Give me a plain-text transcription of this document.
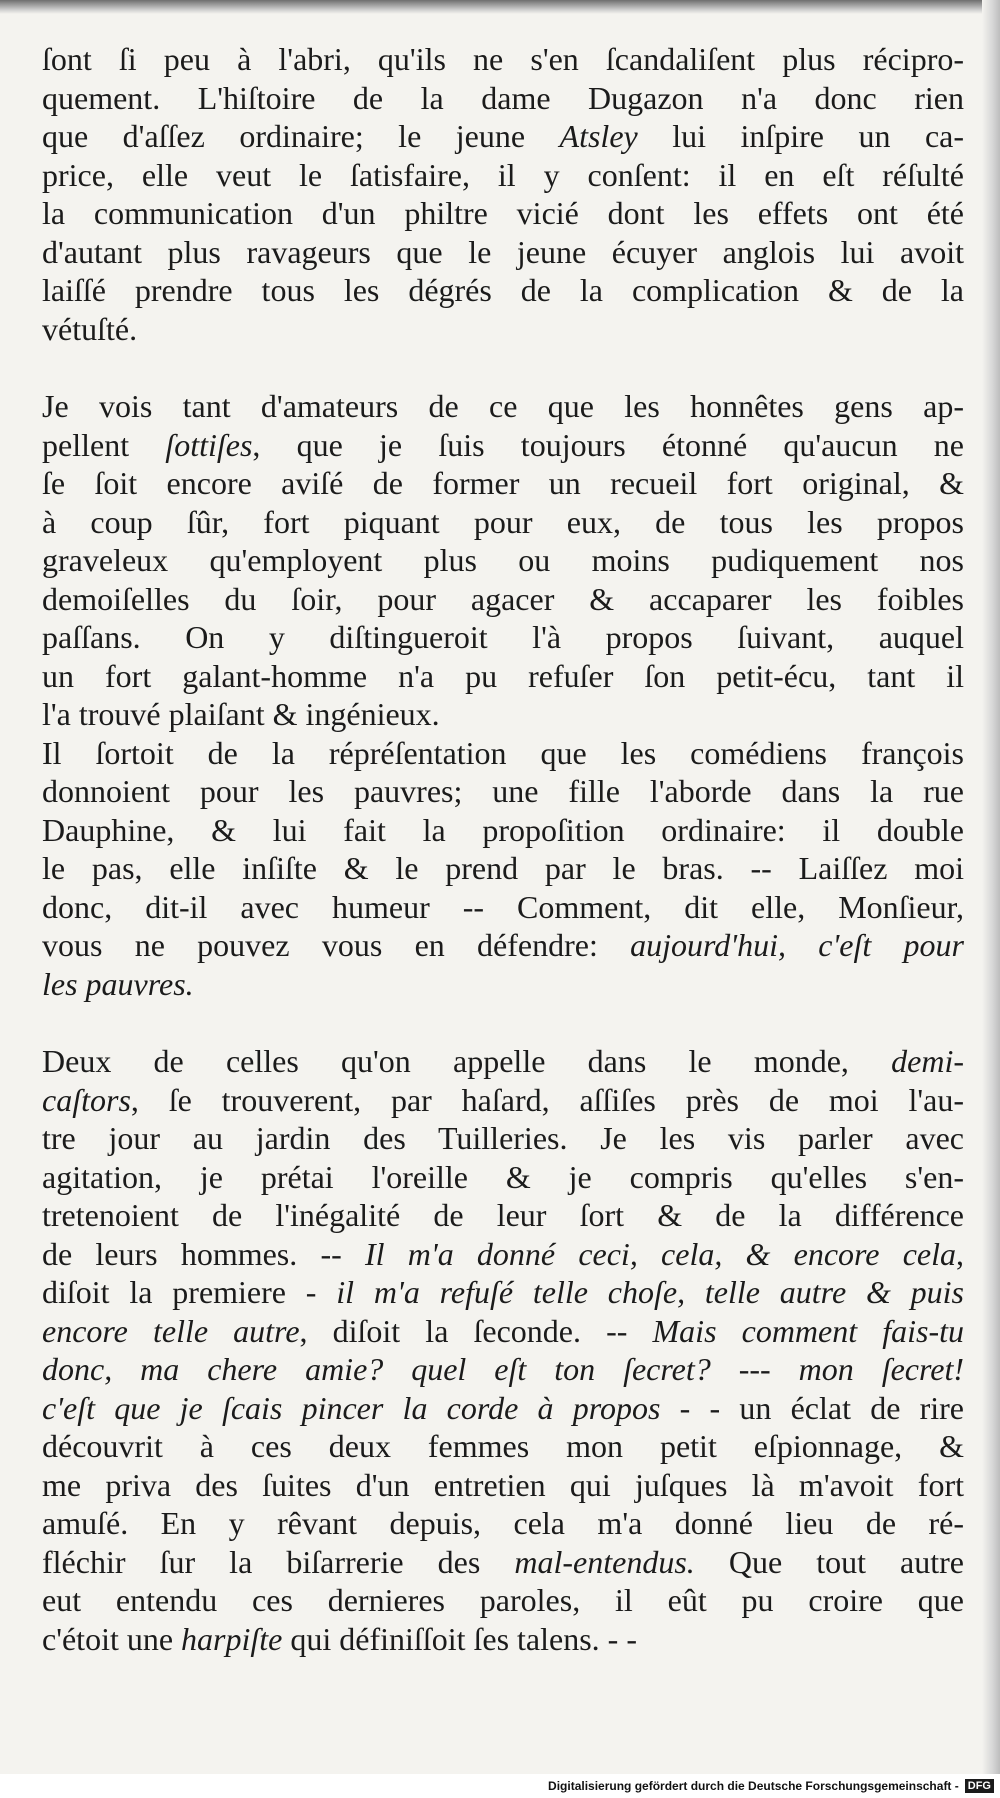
ſont ſi peu à l'abri, qu'ils ne s'en ſcandaliſent plus récipro-
quement. L'hiſtoire de la dame Dugazon n'a donc rien
que d'aſſez ordinaire; le jeune Atsley lui inſpire un ca-
price, elle veut le ſatisfaire, il y conſent: il en eſt réſulté
la communication d'un philtre vicié dont les effets ont été
d'autant plus ravageurs que le jeune écuyer anglois lui avoit
laiſſé prendre tous les dégrés de la complication & de la
vétuſté.

Je vois tant d'amateurs de ce que les honnêtes gens ap-
pellent ſottiſes, que je ſuis toujours étonné qu'aucun ne
ſe ſoit encore aviſé de former un recueil fort original, &
à coup ſûr, fort piquant pour eux, de tous les propos
graveleux qu'employent plus ou moins pudiquement nos
demoiſelles du ſoir, pour agacer & accaparer les foibles
paſſans. On y diſtingueroit l'à propos ſuivant, auquel
un fort galant-homme n'a pu refuſer ſon petit-écu, tant il
l'a trouvé plaiſant & ingénieux.

Il ſortoit de la répréſentation que les comédiens françois
donnoient pour les pauvres; une fille l'aborde dans la rue
Dauphine, & lui fait la propoſition ordinaire: il double
le pas, elle inſiſte & le prend par le bras. -- Laiſſez moi
donc, dit-il avec humeur -- Comment, dit elle, Monſieur,
vous ne pouvez vous en défendre: aujourd'hui, c'eſt pour
les pauvres.

Deux de celles qu'on appelle dans le monde, demi-
caſtors, ſe trouverent, par haſard, aſſiſes près de moi l'au-
tre jour au jardin des Tuilleries. Je les vis parler avec
agitation, je prétai l'oreille & je compris qu'elles s'en-
tretenoient de l'inégalité de leur ſort & de la différence
de leurs hommes. -- Il m'a donné ceci, cela, & encore cela,
diſoit la premiere - il m'a refuſé telle choſe, telle autre & puis
encore telle autre, diſoit la ſeconde. -- Mais comment fais-tu
donc, ma chere amie? quel eſt ton ſecret? --- mon ſecret!
c'eſt que je ſcais pincer la corde à propos - - un éclat de rire
découvrit à ces deux femmes mon petit eſpionnage, &
me priva des ſuites d'un entretien qui juſques là m'avoit fort
amuſé. En y rêvant depuis, cela m'a donné lieu de ré-
fléchir ſur la biſarrerie des mal-entendus. Que tout autre
eut entendu ces dernieres paroles, il eût pu croire que
c'étoit une harpiſte qui définiſſoit ſes talens. - -

Digitalisierung gefördert durch die Deutsche Forschungsgemeinschaft - DFG
